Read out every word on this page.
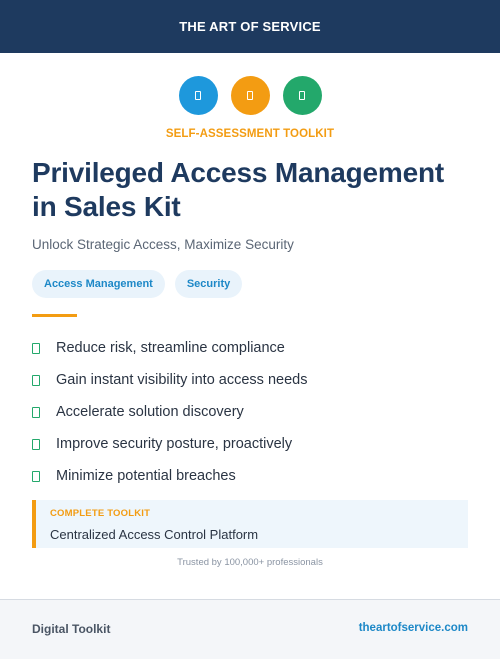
THE ART OF SERVICE
SELF-ASSESSMENT TOOLKIT
Privileged Access Management in Sales Kit
Unlock Strategic Access, Maximize Security
Access Management	Security
Reduce risk, streamline compliance
Gain instant visibility into access needs
Accelerate solution discovery
Improve security posture, proactively
Minimize potential breaches
COMPLETE TOOLKIT
Centralized Access Control Platform
Trusted by 100,000+ professionals
Digital Toolkit	theartofservice.com
